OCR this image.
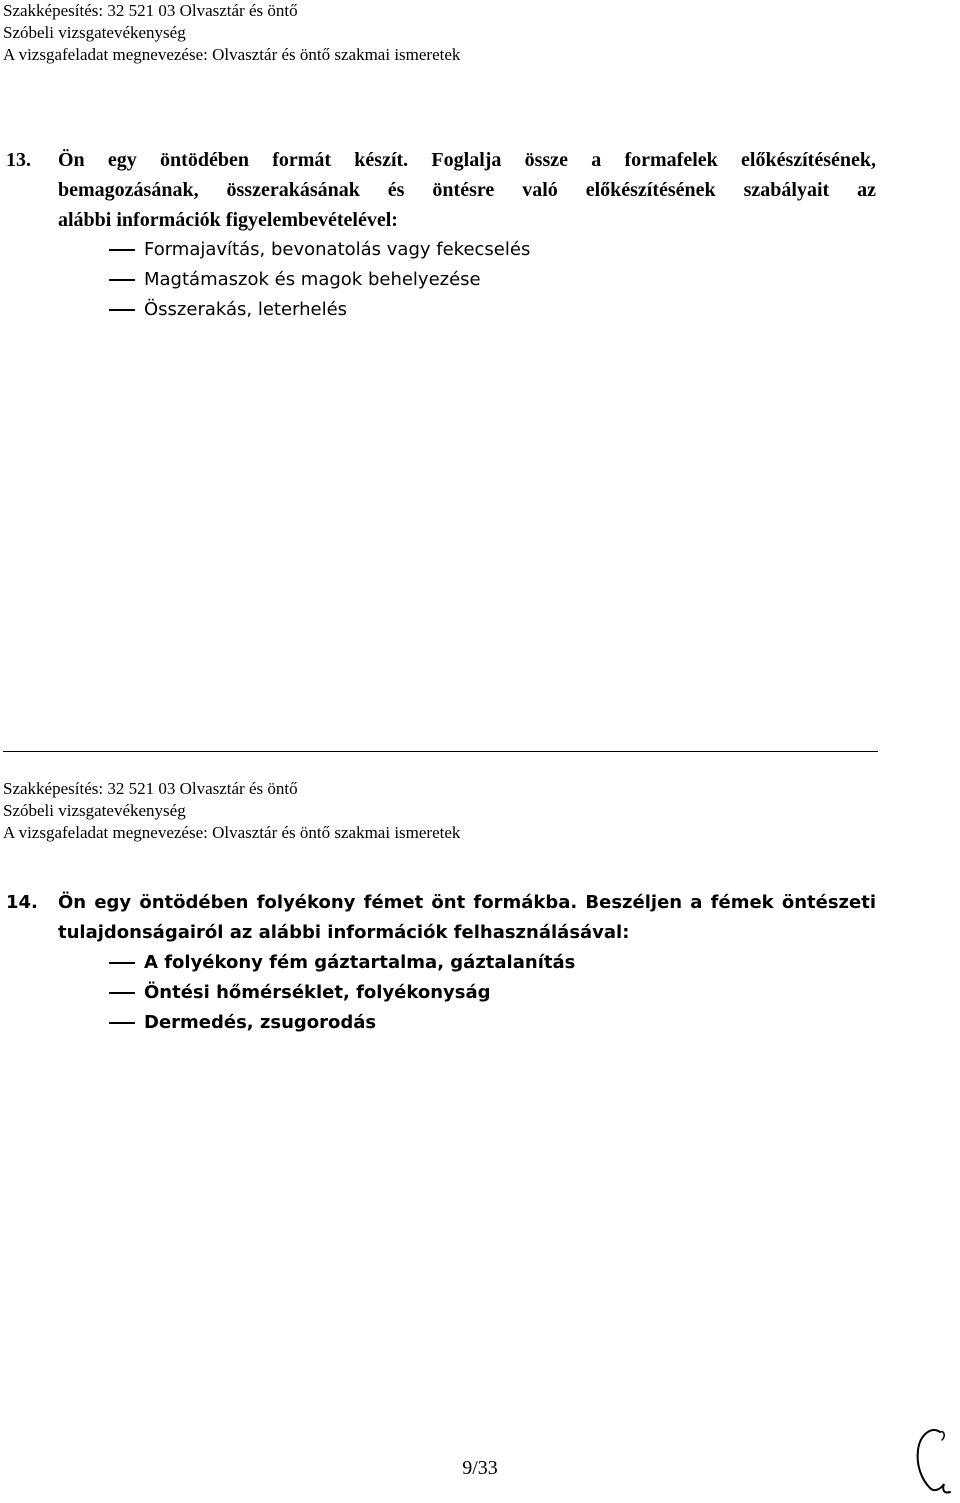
Szakképesítés: 32 521 03 Olvasztár és öntő
Szóbeli vizsgatevékenység
A vizsgafeladat megnevezése: Olvasztár és öntő szakmai ismeretek
13. Ön egy öntödében formát készít. Foglalja össze a formafelek előkészítésének,
bemagozásának, összerakásának és öntésre való előkészítésének szabályait az
alábbi információk figyelembevételével:
Formajavítás, bevonatolás vagy fekecselés
Magtámaszok és magok behelyezése
Összerakás, leterhelés
Szakképesítés: 32 521 03 Olvasztár és öntő
Szóbeli vizsgatevékenység
A vizsgafeladat megnevezése: Olvasztár és öntő szakmai ismeretek
14. Ön egy öntödében folyékony fémet önt formákba. Beszéljen a fémek öntészeti
tulajdonságairól az alábbi információk felhasználásával:
A folyékony fém gáztartalma, gáztalanítás
Öntési hőmérséklet, folyékonyság
Dermedés, zsugorodás
9/33
